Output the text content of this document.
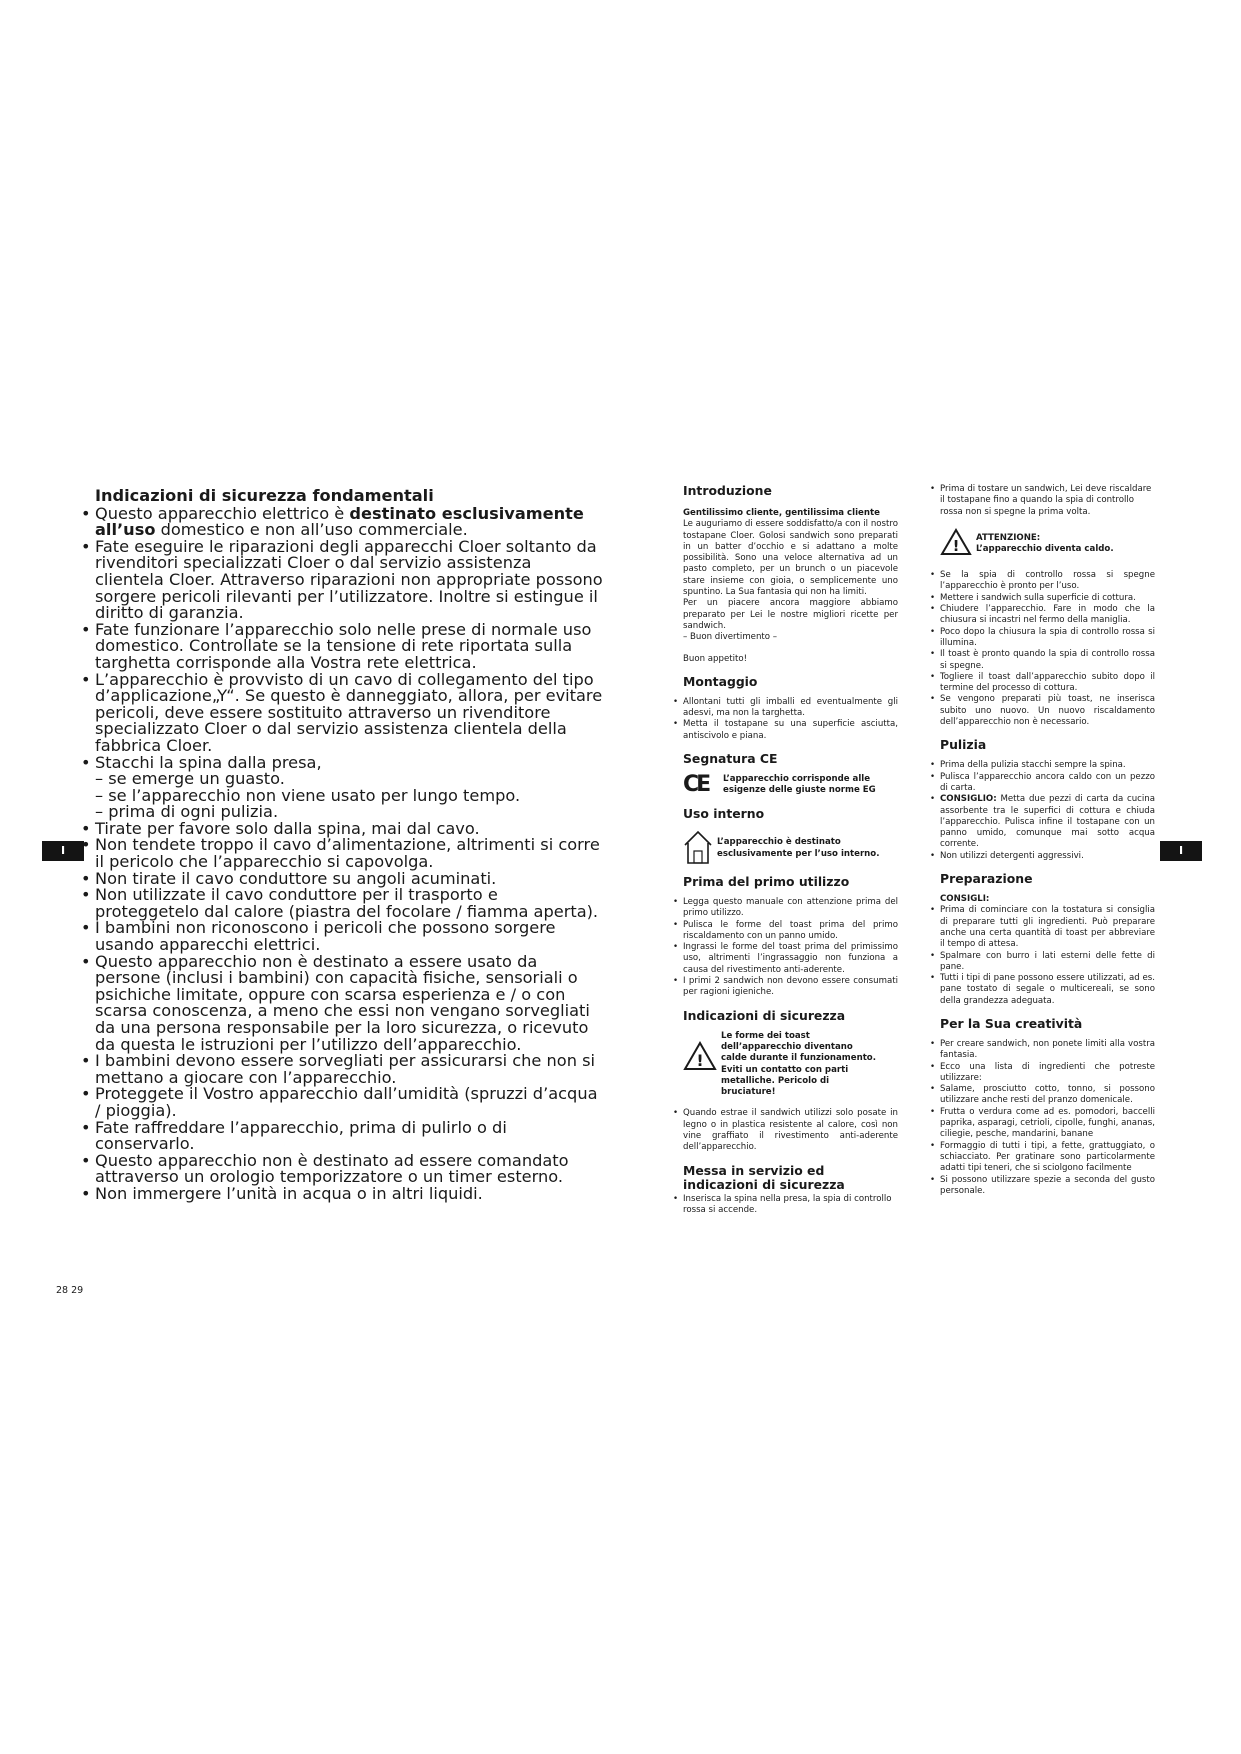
I	I
Indicazioni di sicurezza fondamentali
• Questo apparecchio elettrico è destinato esclusivamente all’uso domestico e non all’uso commerciale.
• Fate eseguire le riparazioni degli apparecchi Cloer soltanto da rivenditori specializzati Cloer o dal servizio assistenza clientela Cloer. Attraverso riparazioni non appropriate possono sorgere pericoli rilevanti per l’utilizzatore. Inoltre si estingue il diritto di garanzia.
• Fate funzionare l’apparecchio solo nelle prese di normale uso domestico. Controllate se la tensione di rete riportata sulla targhetta corrisponde alla Vostra rete elettrica.
• L’apparecchio è provvisto di un cavo di collegamento del tipo d’applicazione„Y“. Se questo è danneggiato, allora, per evitare pericoli, deve essere sostituito attraverso un rivenditore specializzato Cloer o dal servizio assistenza clientela della fabbrica Cloer.
• Stacchi la spina dalla presa,
– se emerge un guasto.
– se l’apparecchio non viene usato per lungo tempo.
– prima di ogni pulizia.
• Tirate per favore solo dalla spina, mai dal cavo.
• Non tendete troppo il cavo d’alimentazione, altrimenti si corre il pericolo che l’apparecchio si capovolga.
• Non tirate il cavo conduttore su angoli acuminati.
• Non utilizzate il cavo conduttore per il trasporto e proteggetelo dal calore (piastra del focolare / fiamma aperta).
• I bambini non riconoscono i pericoli che possono sorgere usando apparecchi elettrici.
• Questo apparecchio non è destinato a essere usato da persone (inclusi i bambini) con capacità fisiche, sensoriali o psichiche limitate, oppure con scarsa esperienza e / o con scarsa conoscenza, a meno che essi non vengano sorvegliati da una persona responsabile per la loro sicurezza, o ricevuto da questa le istruzioni per l’utilizzo dell’apparecchio.
• I bambini devono essere sorvegliati per assicurarsi che non si mettano a giocare con l’apparecchio.
• Proteggete il Vostro apparecchio dall’umidità (spruzzi d’acqua / pioggia).
• Fate raffreddare l’apparecchio, prima di pulirlo o di conservarlo.
• Questo apparecchio non è destinato ad essere comandato attraverso un orologio temporizzatore o un timer esterno.
• Non immergere l’unità in acqua o in altri liquidi.
28 29
Introduzione

Gentilissimo cliente, gentilissima cliente

Le auguriamo di essere soddisfatto/a con il nostro tostapane Cloer. Golosi sandwich sono preparati in un batter d’occhio e si adattano a molte possibilità. Sono una veloce alternativa ad un pasto completo, per un brunch o un piacevole stare insieme con gioia, o semplicemente uno spuntino. La Sua fantasia qui non ha limiti.

Per un piacere ancora maggiore abbiamo preparato per Lei le nostre migliori ricette per sandwich.

– Buon divertimento –

Buon appetito!

Montaggio
• Allontani tutti gli imballi ed eventualmente gli adesvi, ma non la targhetta.
• Metta il tostapane su una superficie asciutta, antiscivolo e piana.
Segnatura CE
CE	L’apparecchio corrisponde alle esigenze delle giuste norme EG
Uso interno
L’apparecchio è destinato esclusivamente per l’uso interno.
Prima del primo utilizzo
• Legga questo manuale con attenzione prima del primo utilizzo.
• Pulisca le forme del toast prima del primo riscaldamento con un panno umido.
• Ingrassi le forme del toast prima del primissimo uso, altrimenti l’ingrassaggio non funziona a causa del rivestimento anti-aderente.
• I primi 2 sandwich non devono essere consumati per ragioni igieniche.
Indicazioni di sicurezza
!
Le forme dei toast dell’apparecchio diventano calde durante il funzionamento. Eviti un contatto con parti metalliche. Pericolo di bruciature!
• Quando estrae il sandwich utilizzi solo posate in legno o in plastica resistente al calore, così non vine graffiato il rivestimento anti-aderente dell’apparecchio.
Messa in servizio ed indicazioni di sicurezza
• Inserisca la spina nella presa, la spia di controllo rossa si accende.
• Prima di tostare un sandwich, Lei deve riscaldare il tostapane fino a quando la spia di controllo rossa non si spegne la prima volta.
! ATTENZIONE:
L’apparecchio diventa caldo.
• Se la spia di controllo rossa si spegne l’apparecchio è pronto per l’uso.
• Mettere i sandwich sulla superficie di cottura.
• Chiudere l’apparecchio. Fare in modo che la chiusura si incastri nel fermo della maniglia.
• Poco dopo la chiusura la spia di controllo rossa si illumina.
• Il toast è pronto quando la spia di controllo rossa si spegne.
• Togliere il toast dall’apparecchio subito dopo il termine del processo di cottura.
• Se vengono preparati più toast, ne inserisca subito uno nuovo. Un nuovo riscaldamento dell’apparecchio non è necessario.
Pulizia
• Prima della pulizia stacchi sempre la spina.
• Pulisca l’apparecchio ancora caldo con un pezzo di carta.
• CONSIGLIO: Metta due pezzi di carta da cucina assorbente tra le superfici di cottura e chiuda l’apparecchio. Pulisca infine il tostapane con un panno umido, comunque mai sotto acqua corrente.
• Non utilizzi detergenti aggressivi.
Preparazione

CONSIGLI:

• Prima di cominciare con la tostatura si consiglia di preparare tutti gli ingredienti. Può preparare anche una certa quantità di toast per abbreviare il tempo di attesa.
• Spalmare con burro i lati esterni delle fette di pane.
• Tutti i tipi di pane possono essere utilizzati, ad es. pane tostato di segale o multicereali, se sono della grandezza adeguata.
Per la Sua creatività
• Per creare sandwich, non ponete limiti alla vostra fantasia.
• Ecco una lista di ingredienti che potreste utilizzare:
• Salame, prosciutto cotto, tonno, si possono utilizzare anche resti del pranzo domenicale.
• Frutta o verdura come ad es. pomodori, baccelli paprika, asparagi, cetrioli, cipolle, funghi, ananas, ciliegie, pesche, mandarini, banane
• Formaggio di tutti i tipi, a fette, grattuggiato, o schiacciato. Per gratinare sono particolarmente adatti tipi teneri, che si sciolgono facilmente
• Si possono utilizzare spezie a seconda del gusto personale.
